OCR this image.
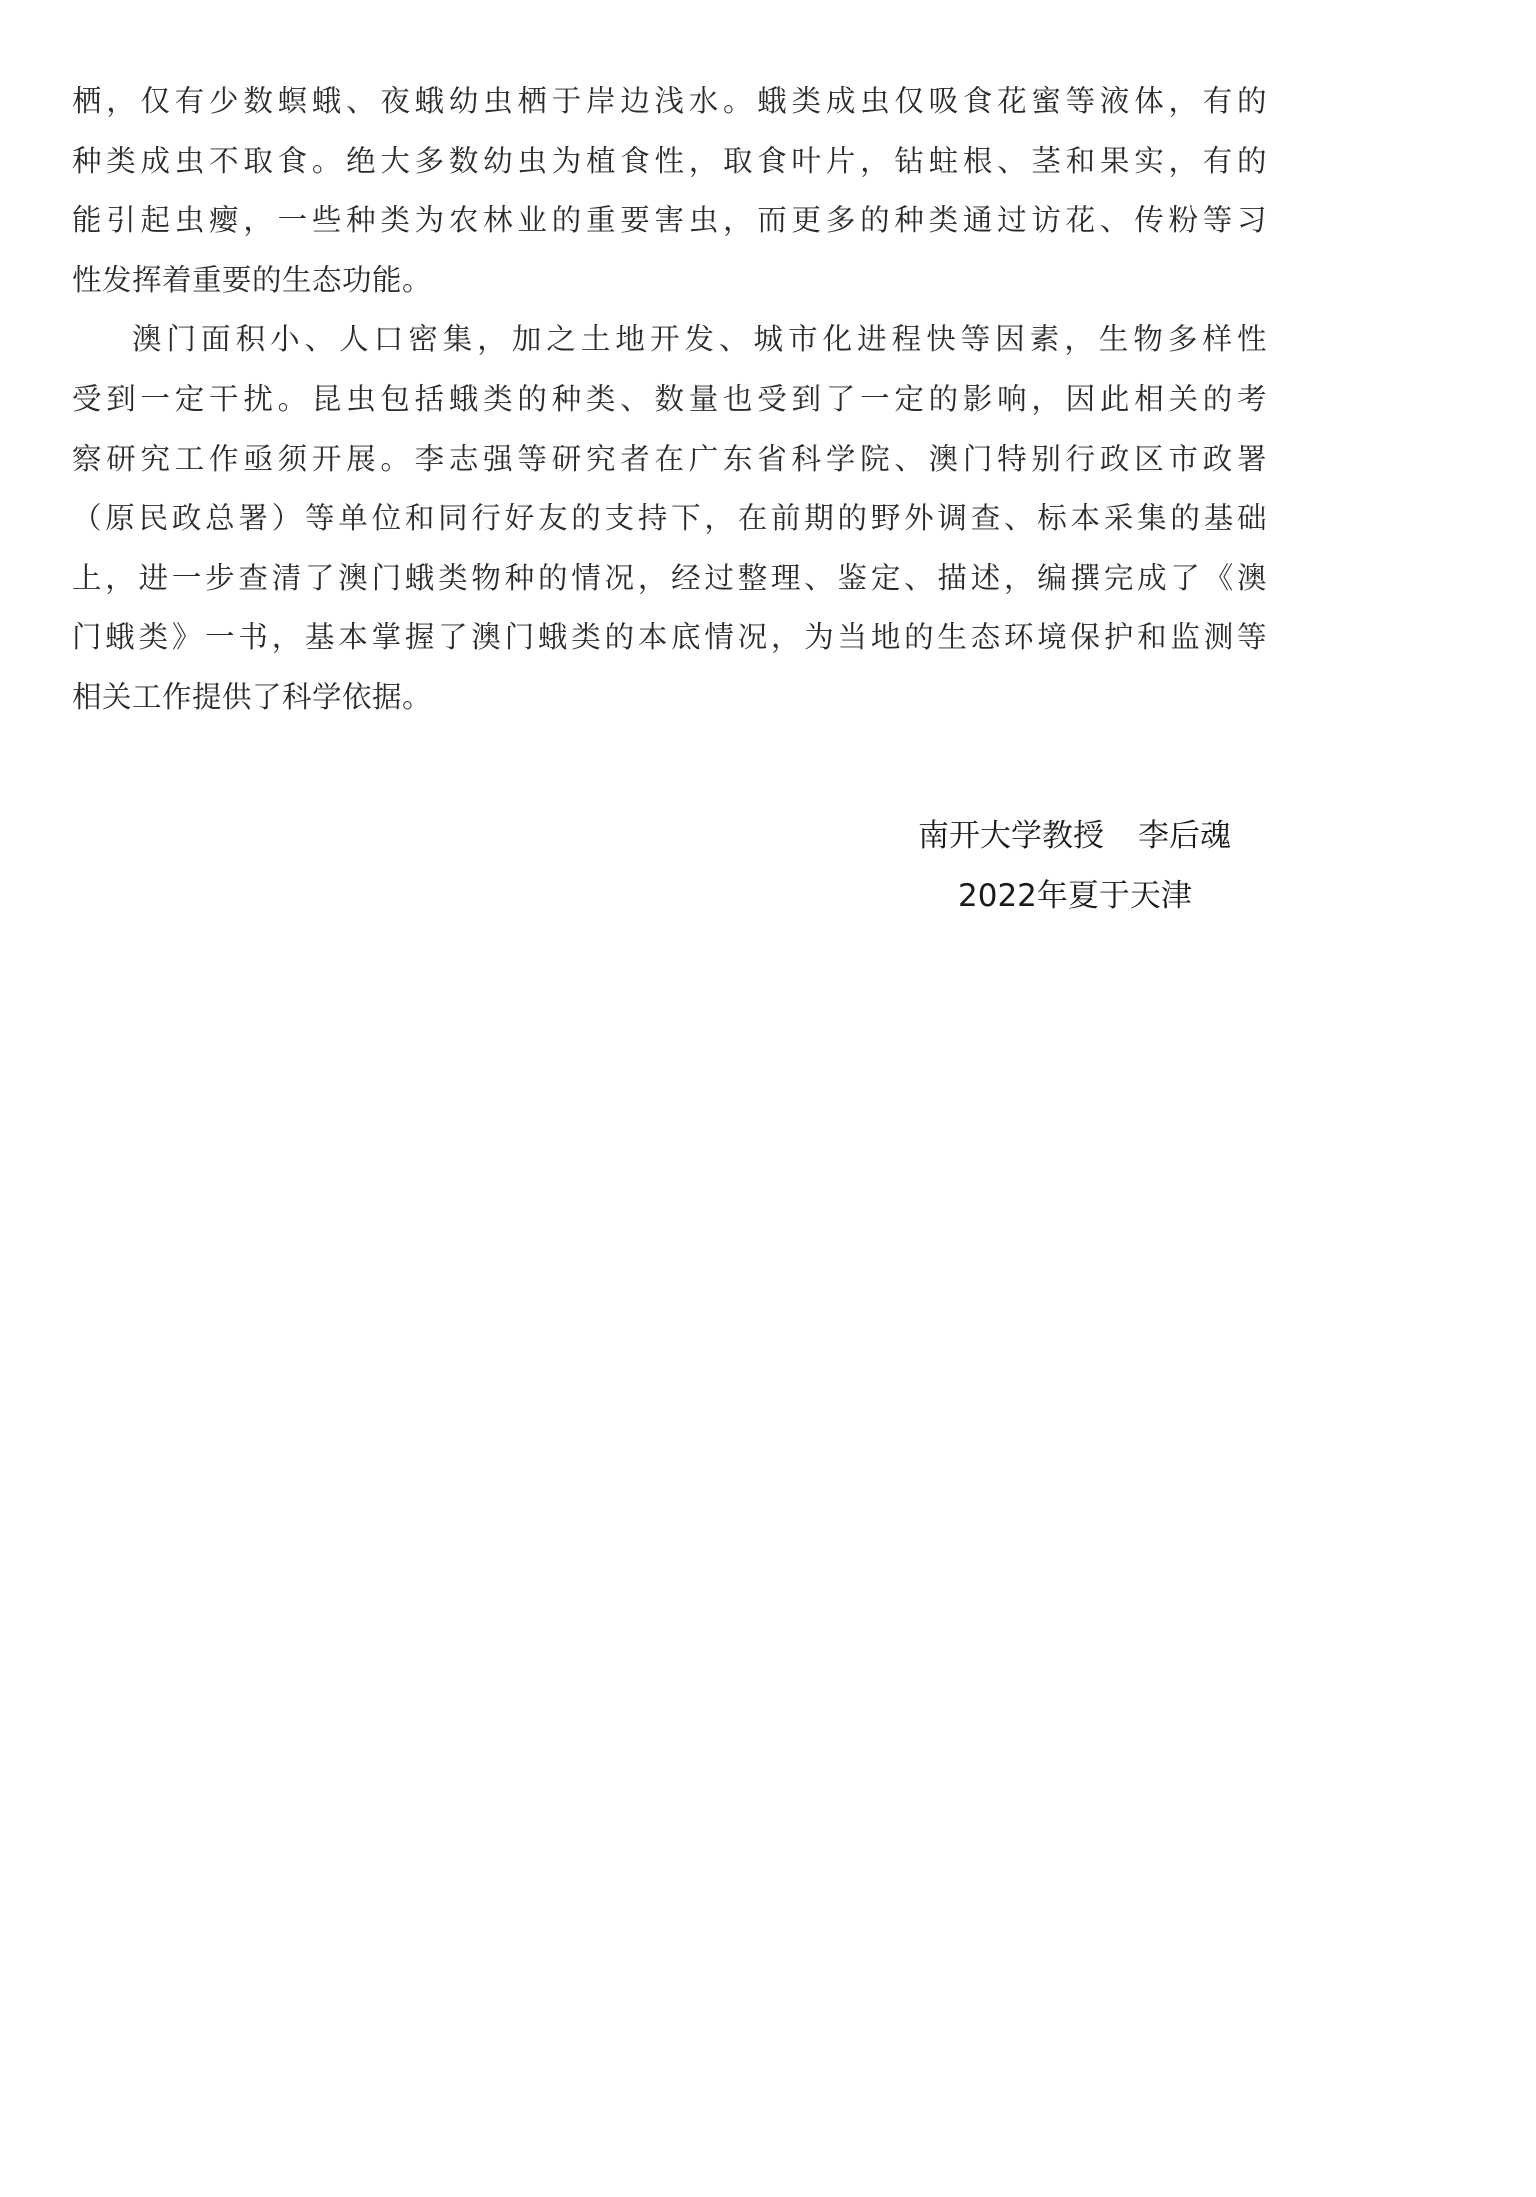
栖，仅有少数螟蛾、夜蛾幼虫栖于岸边浅水。蛾类成虫仅吸食花蜜等液体，有的
种类成虫不取食。绝大多数幼虫为植食性，取食叶片，钻蛀根、茎和果实，有的
能引起虫瘿，一些种类为农林业的重要害虫，而更多的种类通过访花、传粉等习
性发挥着重要的生态功能。
澳门面积小、人口密集，加之土地开发、城市化进程快等因素，生物多样性
受到一定干扰。昆虫包括蛾类的种类、数量也受到了一定的影响，因此相关的考
察研究工作亟须开展。李志强等研究者在广东省科学院、澳门特别行政区市政署
（原民政总署）等单位和同行好友的支持下，在前期的野外调查、标本采集的基础
上，进一步查清了澳门蛾类物种的情况，经过整理、鉴定、描述，编撰完成了《澳
门蛾类》一书，基本掌握了澳门蛾类的本底情况，为当地的生态环境保护和监测等
相关工作提供了科学依据。
南开大学教授 李后魂
2022年夏于天津
